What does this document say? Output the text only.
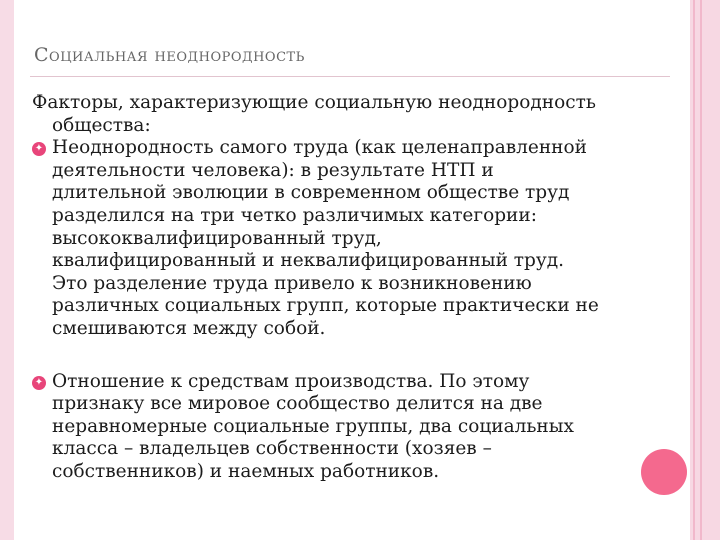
Социальная неоднородность

Факторы, характеризующие социальную неоднородность
общества:

✦ Неоднородность самого труда (как целенаправленной
деятельности человека): в результате НТП и
длительной эволюции в современном обществе труд
разделился на три четко различимых категории:
высококвалифицированный труд,
квалифицированный и неквалифицированный труд.
Это разделение труда привело к возникновению
различных социальных групп, которые практически не
смешиваются между собой.
✦ Отношение к средствам производства. По этому
признаку все мировое сообщество делится на две
неравномерные социальные группы, два социальных
класса – владельцев собственности (хозяев –
собственников) и наемных работников.
